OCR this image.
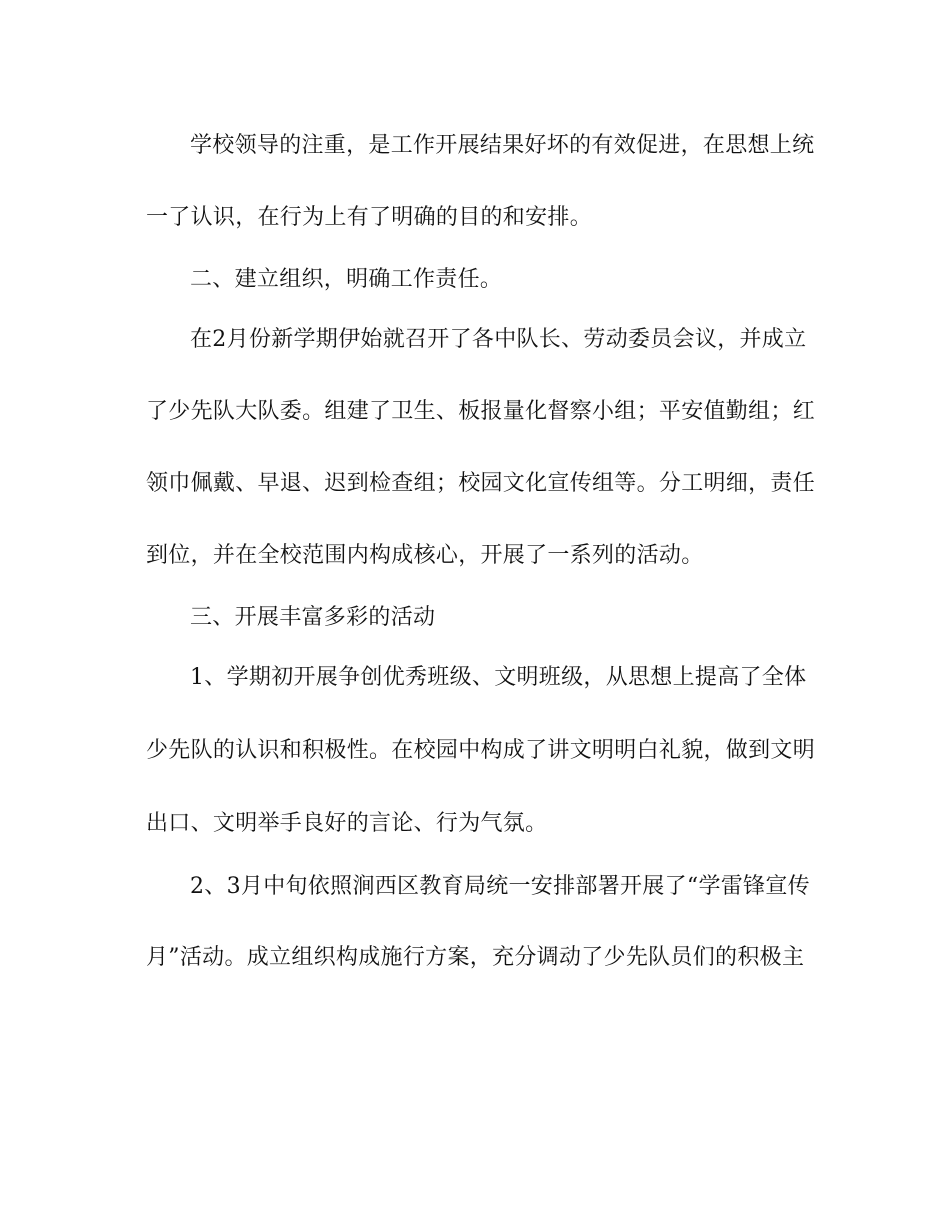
学校领导的注重，是工作开展结果好坏的有效促进，在思想上统
一了认识，在行为上有了明确的目的和安排。
二、建立组织，明确工作责任。
在2月份新学期伊始就召开了各中队长、劳动委员会议，并成立
了少先队大队委。组建了卫生、板报量化督察小组；平安值勤组；红
领巾佩戴、早退、迟到检查组；校园文化宣传组等。分工明细，责任
到位，并在全校范围内构成核心，开展了一系列的活动。
三、开展丰富多彩的活动
1、学期初开展争创优秀班级、文明班级，从思想上提高了全体
少先队的认识和积极性。在校园中构成了讲文明明白礼貌，做到文明
出口、文明举手良好的言论、行为气氛。
2、3月中旬依照涧西区教育局统一安排部署开展了“学雷锋宣传
月”活动。成立组织构成施行方案，充分调动了少先队员们的积极主
